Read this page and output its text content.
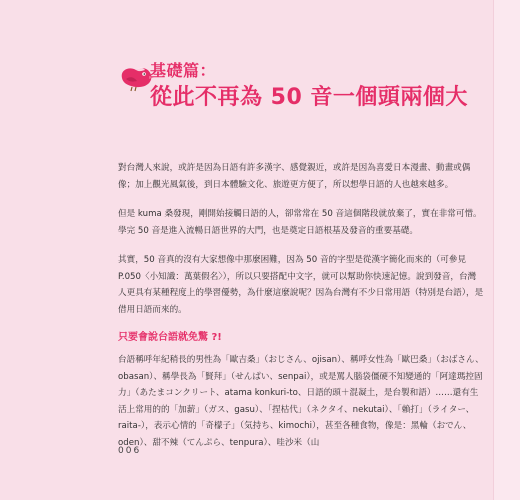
基礎篇：
從此不再為 50 音一個頭兩個大

對台灣人來說，或許是因為日語有許多漢字、感覺親近，或許是因為喜愛日本漫畫、動畫或偶像；加上觀光風氣後，到日本體驗文化、旅遊更方便了，所以想學日語的人也越來越多。

但是 kuma 桑發現，剛開始接觸日語的人，卻常常在 50 音這個階段就放棄了，實在非常可惜。學完 50 音是進入流暢日語世界的大門，也是奠定日語根基及發音的重要基礎。

其實，50 音真的沒有大家想像中那麼困難，因為 50 音的字型是從漢字簡化而來的（可參見 P.050〈小知識：萬葉假名〉），所以只要搭配中文字，就可以幫助你快速記憶。說到發音，台灣人更具有某種程度上的學習優勢，為什麼這麼說呢？因為台灣有不少日常用語（特別是台語），是借用日語而來的。

只要會說台語就免驚 ?!

台語稱呼年紀稍長的男性為「歐吉桑」（おじさん、ojisan）、稱呼女性為「歐巴桑」（おばさん、obasan）、稱學長為「賢拜」（せんぱい、senpai），或是罵人腦袋僵硬不知變通的「阿達瑪控固力」（あたまコンクリート、atama konkuri-to、日語的頭＋混凝土，是台製和語）……還有生活上常用的的「加薪」（ガス、gasu）、「捏枯代」（ネクタイ、nekutai）、「賴打」（ライター、raita-），表示心情的「奇檬子」（気持ち、kimochi），甚至各種食物，像是：黑輪（おでん、oden）、甜不辣（てんぷら、tenpura）、哇沙米（山

006
